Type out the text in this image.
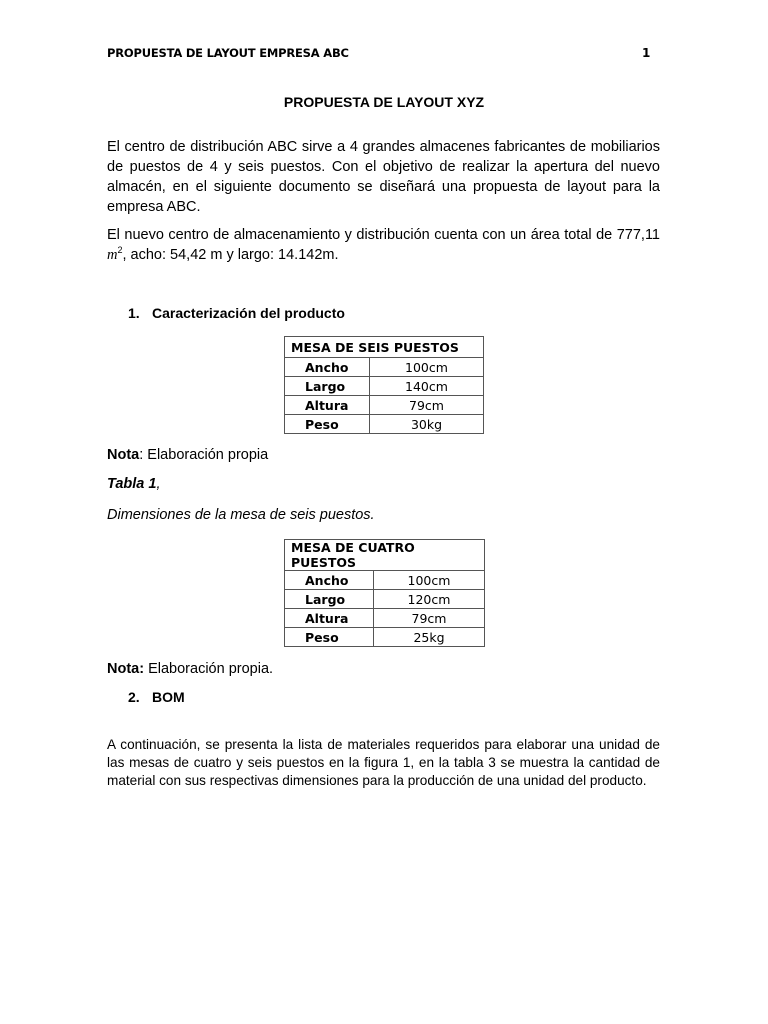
PROPUESTA DE LAYOUT EMPRESA ABC	1
PROPUESTA DE LAYOUT XYZ
El centro de distribución ABC sirve a 4 grandes almacenes fabricantes de mobiliarios de puestos de 4 y seis puestos. Con el objetivo de realizar la apertura del nuevo almacén, en el siguiente documento se diseñará una propuesta de layout para la empresa ABC.
El nuevo centro de almacenamiento y distribución cuenta con un área total de 777,11 $m^2$, acho: 54,42 m y largo: 14.142m.
1. Caracterización del producto
MESA DE SEIS PUESTOS	
Ancho	100cm
Largo	140cm
Altura	79cm
Peso	30kg
Nota: Elaboración propia
Tabla 1,
Dimensiones de la mesa de seis puestos.
MESA DE CUATRO PUESTOS	
Ancho	100cm
Largo	120cm
Altura	79cm
Peso	25kg
Nota: Elaboración propia.
2. BOM
A continuación, se presenta la lista de materiales requeridos para elaborar una unidad de las mesas de cuatro y seis puestos en la figura 1, en la tabla 3 se muestra la cantidad de material con sus respectivas dimensiones para la producción de una unidad del producto.
